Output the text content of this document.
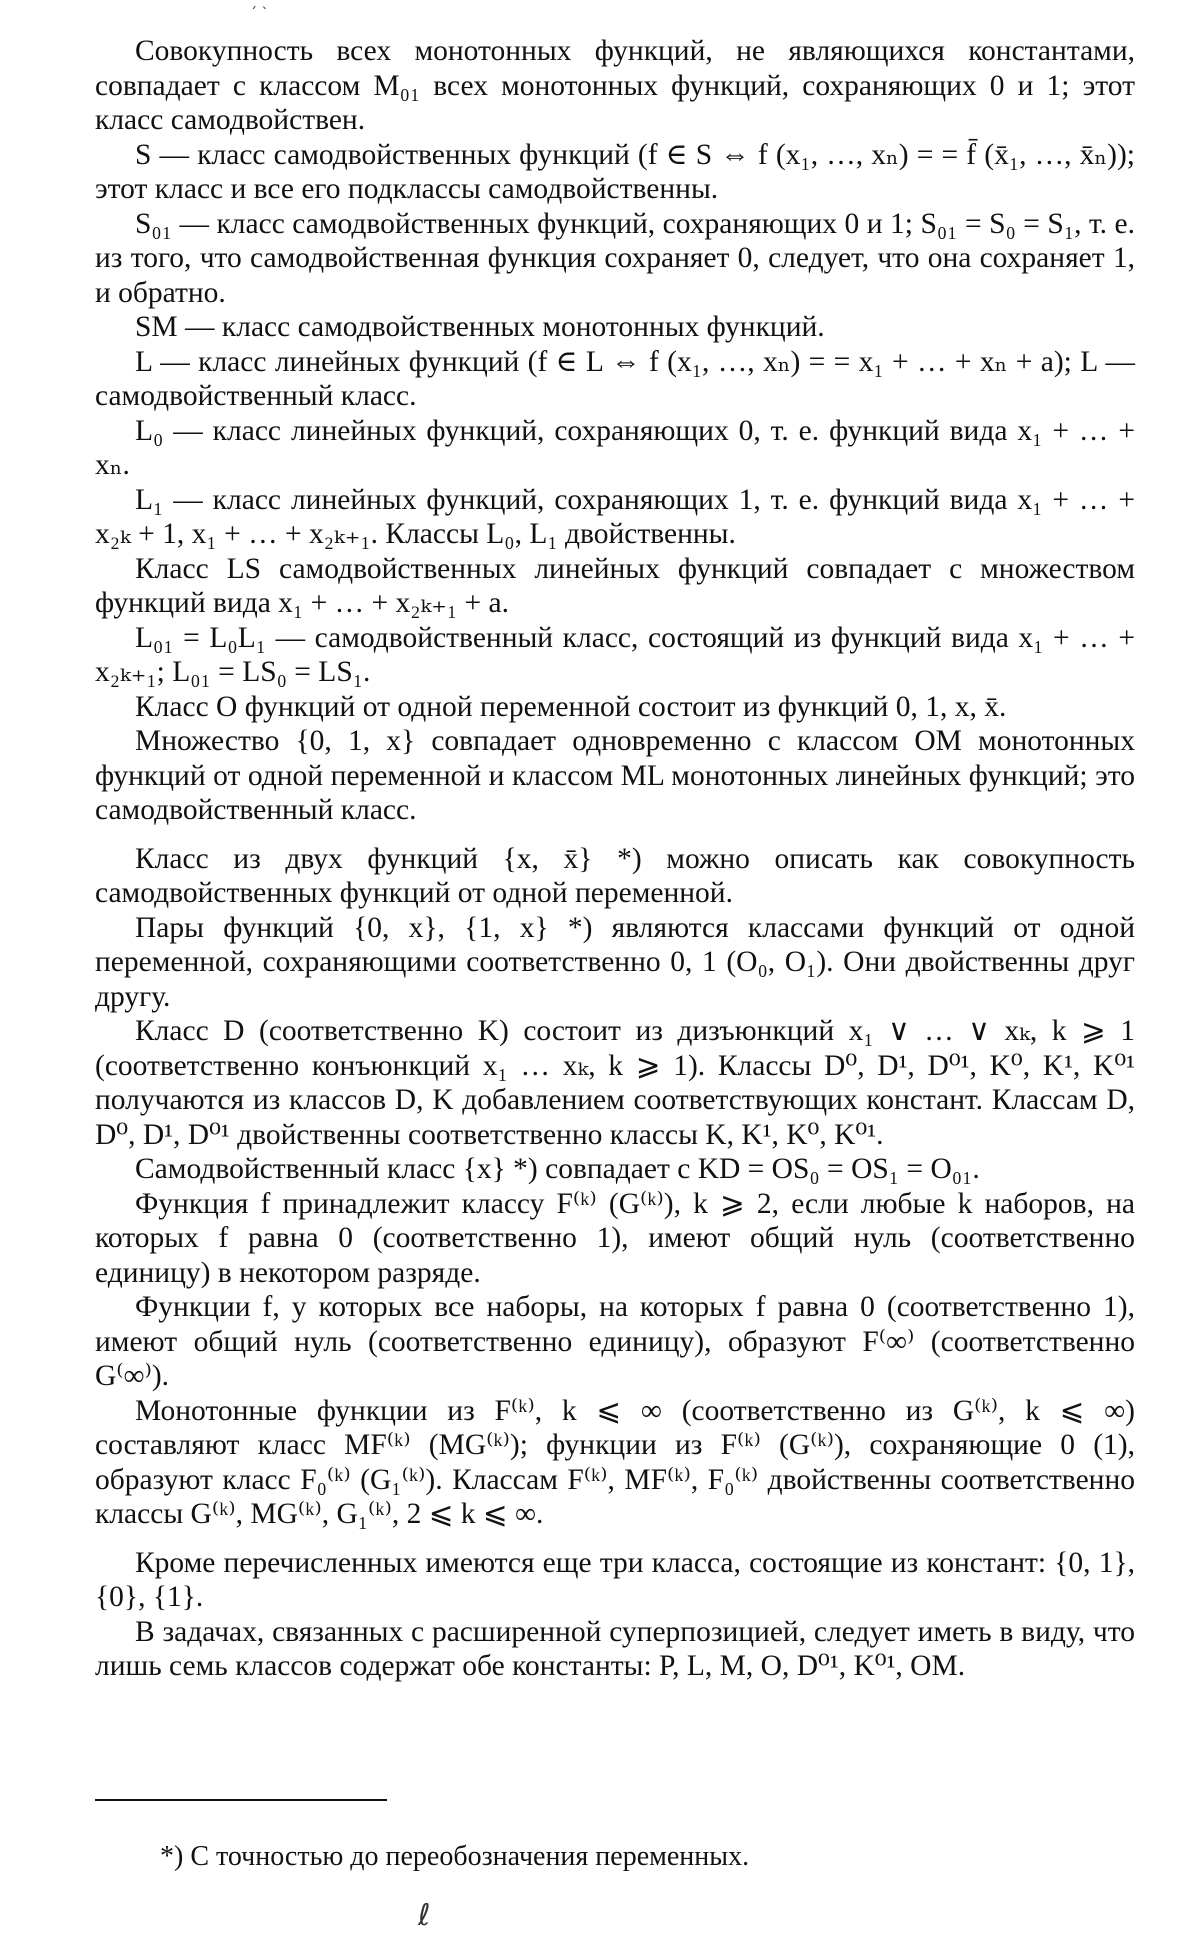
Совокупность всех монотонных функций, не являющихся константами, совпадает с классом M₀₁ всех монотонных функций, сохраняющих 0 и 1; этот класс самодвойствен.

S — класс самодвойственных функций (f ∈ S ⇔ f (x₁, …, xₙ) = = f̄ (x̄₁, …, x̄ₙ)); этот класс и все его подклассы самодвойственны.

S₀₁ — класс самодвойственных функций, сохраняющих 0 и 1; S₀₁ = S₀ = S₁, т. е. из того, что самодвойственная функция сохраняет 0, следует, что она сохраняет 1, и обратно.

SM — класс самодвойственных монотонных функций.

L — класс линейных функций (f ∈ L ⇔ f (x₁, …, xₙ) = = x₁ + … + xₙ + a); L — самодвойственный класс.

L₀ — класс линейных функций, сохраняющих 0, т. е. функций вида x₁ + … + xₙ.

L₁ — класс линейных функций, сохраняющих 1, т. е. функций вида x₁ + … + x₂ₖ + 1, x₁ + … + x₂ₖ₊₁. Классы L₀, L₁ двойственны.

Класс LS самодвойственных линейных функций совпадает с множеством функций вида x₁ + … + x₂ₖ₊₁ + a.

L₀₁ = L₀L₁ — самодвойственный класс, состоящий из функций вида x₁ + … + x₂ₖ₊₁; L₀₁ = LS₀ = LS₁.

Класс O функций от одной переменной состоит из функций 0, 1, x, x̄.

Множество {0, 1, x} совпадает одновременно с классом OM монотонных функций от одной переменной и классом ML монотонных линейных функций; это самодвойственный класс.

Класс из двух функций {x, x̄} *) можно описать как совокупность самодвойственных функций от одной переменной.

Пары функций {0, x}, {1, x} *) являются классами функций от одной переменной, сохраняющими соответственно 0, 1 (O₀, O₁). Они двойственны друг другу.

Класс D (соответственно K) состоит из дизъюнкций x₁ ∨ … ∨ xₖ, k ⩾ 1 (соответственно конъюнкций x₁ … xₖ, k ⩾ 1). Классы D⁰, D¹, D⁰¹, K⁰, K¹, K⁰¹ получаются из классов D, K добавлением соответствующих констант. Классам D, D⁰, D¹, D⁰¹ двойственны соответственно классы K, K¹, K⁰, K⁰¹.

Самодвойственный класс {x} *) совпадает с KD = OS₀ = OS₁ = O₀₁.

Функция f принадлежит классу F⁽ᵏ⁾ (G⁽ᵏ⁾), k ⩾ 2, если любые k наборов, на которых f равна 0 (соответственно 1), имеют общий нуль (соответственно единицу) в некотором разряде.

Функции f, у которых все наборы, на которых f равна 0 (соответственно 1), имеют общий нуль (соответственно единицу), образуют F⁽∞⁾ (соответственно G⁽∞⁾).

Монотонные функции из F⁽ᵏ⁾, k ⩽ ∞ (соответственно из G⁽ᵏ⁾, k ⩽ ∞) составляют класс MF⁽ᵏ⁾ (MG⁽ᵏ⁾); функции из F⁽ᵏ⁾ (G⁽ᵏ⁾), сохраняющие 0 (1), образуют класс F₀⁽ᵏ⁾ (G₁⁽ᵏ⁾). Классам F⁽ᵏ⁾, MF⁽ᵏ⁾, F₀⁽ᵏ⁾ двойственны соответственно классы G⁽ᵏ⁾, MG⁽ᵏ⁾, G₁⁽ᵏ⁾, 2 ⩽ k ⩽ ∞.

Кроме перечисленных имеются еще три класса, состоящие из констант: {0, 1}, {0}, {1}.

В задачах, связанных с расширенной суперпозицией, следует иметь в виду, что лишь семь классов содержат обе константы: P, L, M, O, D⁰¹, K⁰¹, OM.

*) С точностью до переобозначения переменных.

ˊ ˋ
ℓ
